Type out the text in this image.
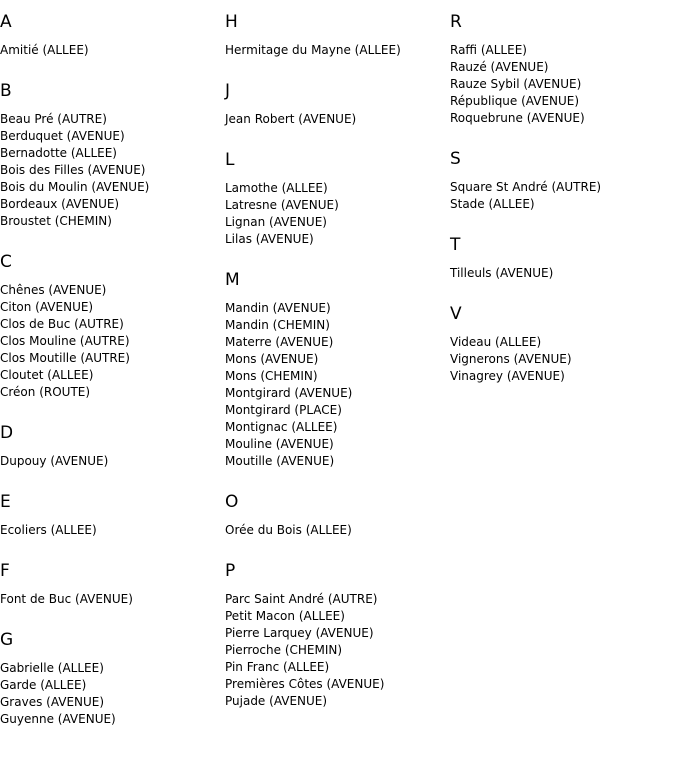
A
Amitié (ALLEE)
B
Beau Pré (AUTRE)
Berduquet (AVENUE)
Bernadotte (ALLEE)
Bois des Filles (AVENUE)
Bois du Moulin (AVENUE)
Bordeaux (AVENUE)
Broustet (CHEMIN)
C
Chênes (AVENUE)
Citon (AVENUE)
Clos de Buc (AUTRE)
Clos Mouline (AUTRE)
Clos Moutille (AUTRE)
Cloutet (ALLEE)
Créon (ROUTE)
D
Dupouy (AVENUE)
E
Ecoliers (ALLEE)
F
Font de Buc (AVENUE)
G
Gabrielle (ALLEE)
Garde (ALLEE)
Graves (AVENUE)
Guyenne (AVENUE)
H
Hermitage du Mayne (ALLEE)
J
Jean Robert (AVENUE)
L
Lamothe (ALLEE)
Latresne (AVENUE)
Lignan (AVENUE)
Lilas (AVENUE)
M
Mandin (AVENUE)
Mandin (CHEMIN)
Materre (AVENUE)
Mons (AVENUE)
Mons (CHEMIN)
Montgirard (AVENUE)
Montgirard (PLACE)
Montignac (ALLEE)
Mouline (AVENUE)
Moutille (AVENUE)
O
Orée du Bois (ALLEE)
P
Parc Saint André (AUTRE)
Petit Macon (ALLEE)
Pierre Larquey (AVENUE)
Pierroche (CHEMIN)
Pin Franc (ALLEE)
Premières Côtes (AVENUE)
Pujade (AVENUE)
R
Raffi (ALLEE)
Rauzé (AVENUE)
Rauze Sybil (AVENUE)
République (AVENUE)
Roquebrune (AVENUE)
S
Square St André (AUTRE)
Stade (ALLEE)
T
Tilleuls (AVENUE)
V
Videau (ALLEE)
Vignerons (AVENUE)
Vinagrey (AVENUE)
